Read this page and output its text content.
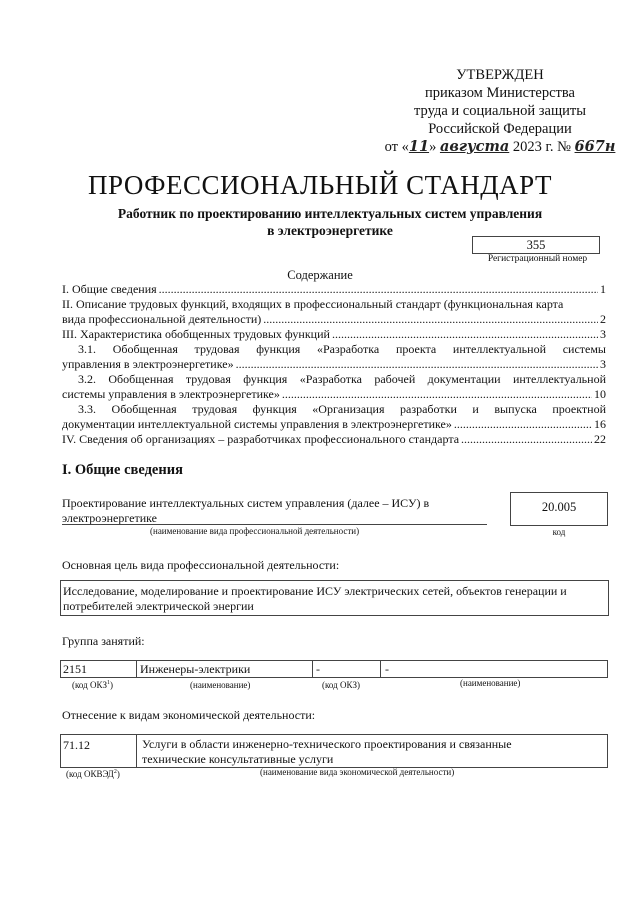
УТВЕРЖДЕН
приказом Министерства
труда и социальной защиты
Российской Федерации
от «11» августа 2023 г. № 667н
ПРОФЕССИОНАЛЬНЫЙ СТАНДАРТ
Работник по проектированию интеллектуальных систем управления
в электроэнергетике
355
Регистрационный номер
Содержание
I. Общие сведения .....	1
II. Описание трудовых функций, входящих в профессиональный стандарт (функциональная карта
вида профессиональной деятельности) .....	2
III. Характеристика обобщенных трудовых функций .....	3
3.1. Обобщенная трудовая функция «Разработка проекта интеллектуальной системы
управления в электроэнергетике» .....	3
3.2. Обобщенная трудовая функция «Разработка рабочей документации интеллектуальной
системы управления в электроэнергетике» .....	10
3.3. Обобщенная трудовая функция «Организация разработки и выпуска проектной
документации интеллектуальной системы управления в электроэнергетике» .....	16
IV. Сведения об организациях – разработчиках профессионального стандарта .....	22
I. Общие сведения
Проектирование интеллектуальных систем управления (далее – ИСУ) в
электроэнергетике
(наименование вида профессиональной деятельности)
20.005
код
Основная цель вида профессиональной деятельности:
Исследование, моделирование и проектирование ИСУ электрических сетей, объектов генерации и
потребителей электрической энергии
Группа занятий:
2151	Инженеры-электрики	-	-
(код ОКЗ$^1$)	(наименование)	(код ОКЗ)	(наименование)
Отнесение к видам экономической деятельности:
71.12	Услуги в области инженерно-технического проектирования и связанные
технические консультативные услуги
(код ОКВЭД$^2$)	(наименование вида экономической деятельности)
